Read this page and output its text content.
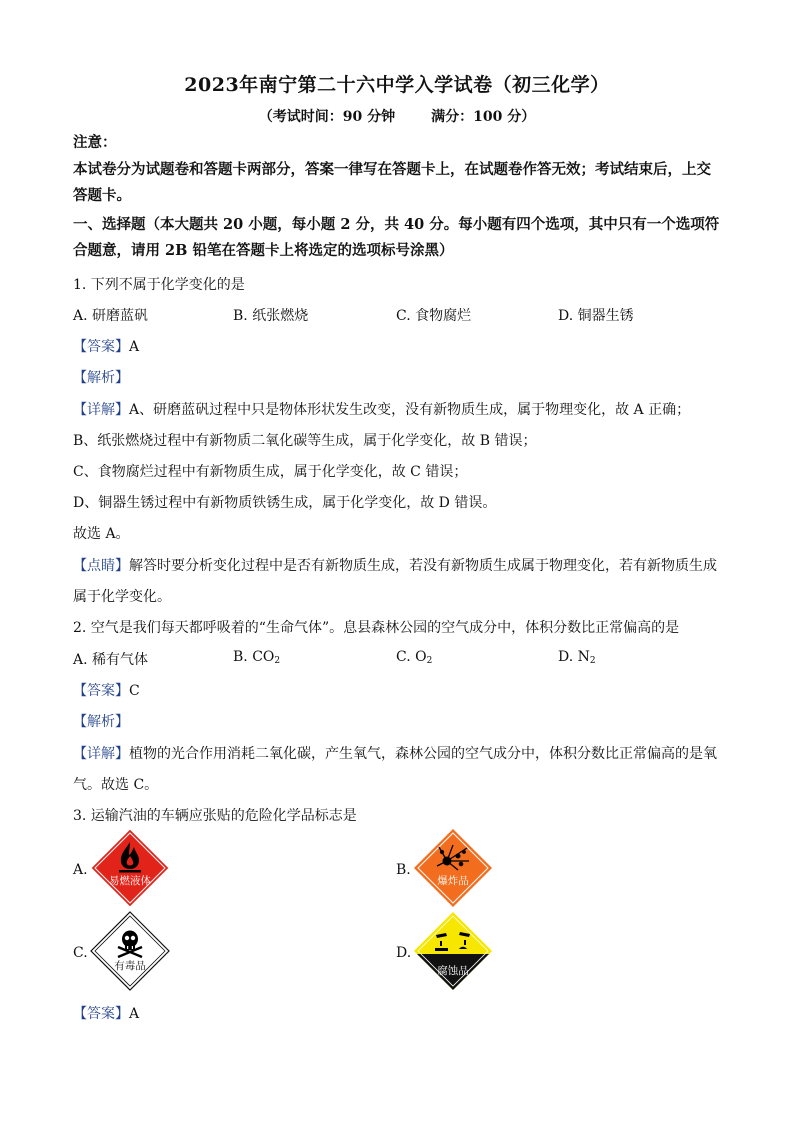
2023年南宁第二十六中学入学试卷（初三化学）
（考试时间：90 分钟	满分：100 分）
注意：
本试卷分为试题卷和答题卡两部分，答案一律写在答题卡上，在试题卷作答无效；考试结束后，上交答题卡。
一、选择题（本大题共 20 小题，每小题 2 分，共 40 分。每小题有四个选项，其中只有一个选项符合题意，请用 2B 铅笔在答题卡上将选定的选项标号涂黑）
1. 下列不属于化学变化的是
A. 研磨蓝矾	B. 纸张燃烧	C. 食物腐烂	D. 铜器生锈
【答案】A
【解析】
【详解】A、研磨蓝矾过程中只是物体形状发生改变，没有新物质生成，属于物理变化，故 A 正确；
B、纸张燃烧过程中有新物质二氧化碳等生成，属于化学变化，故 B 错误；
C、食物腐烂过程中有新物质生成，属于化学变化，故 C 错误；
D、铜器生锈过程中有新物质铁锈生成，属于化学变化，故 D 错误。
故选 A。
【点睛】解答时要分析变化过程中是否有新物质生成，若没有新物质生成属于物理变化，若有新物质生成
属于化学变化。
2. 空气是我们每天都呼吸着的“生命气体”。息县森林公园的空气成分中，体积分数比正常偏高的是
A. 稀有气体	B. $CO_2$	C. $O_2$	D. $N_2$
【答案】C
【解析】
【详解】植物的光合作用消耗二氧化碳，产生氧气，森林公园的空气成分中，体积分数比正常偏高的是氧
气。故选 C。
3. 运输汽油的车辆应张贴的危险化学品标志是
A.
易燃液体
B.
爆炸品
C.
有毒品
D.
腐蚀品
【答案】A
